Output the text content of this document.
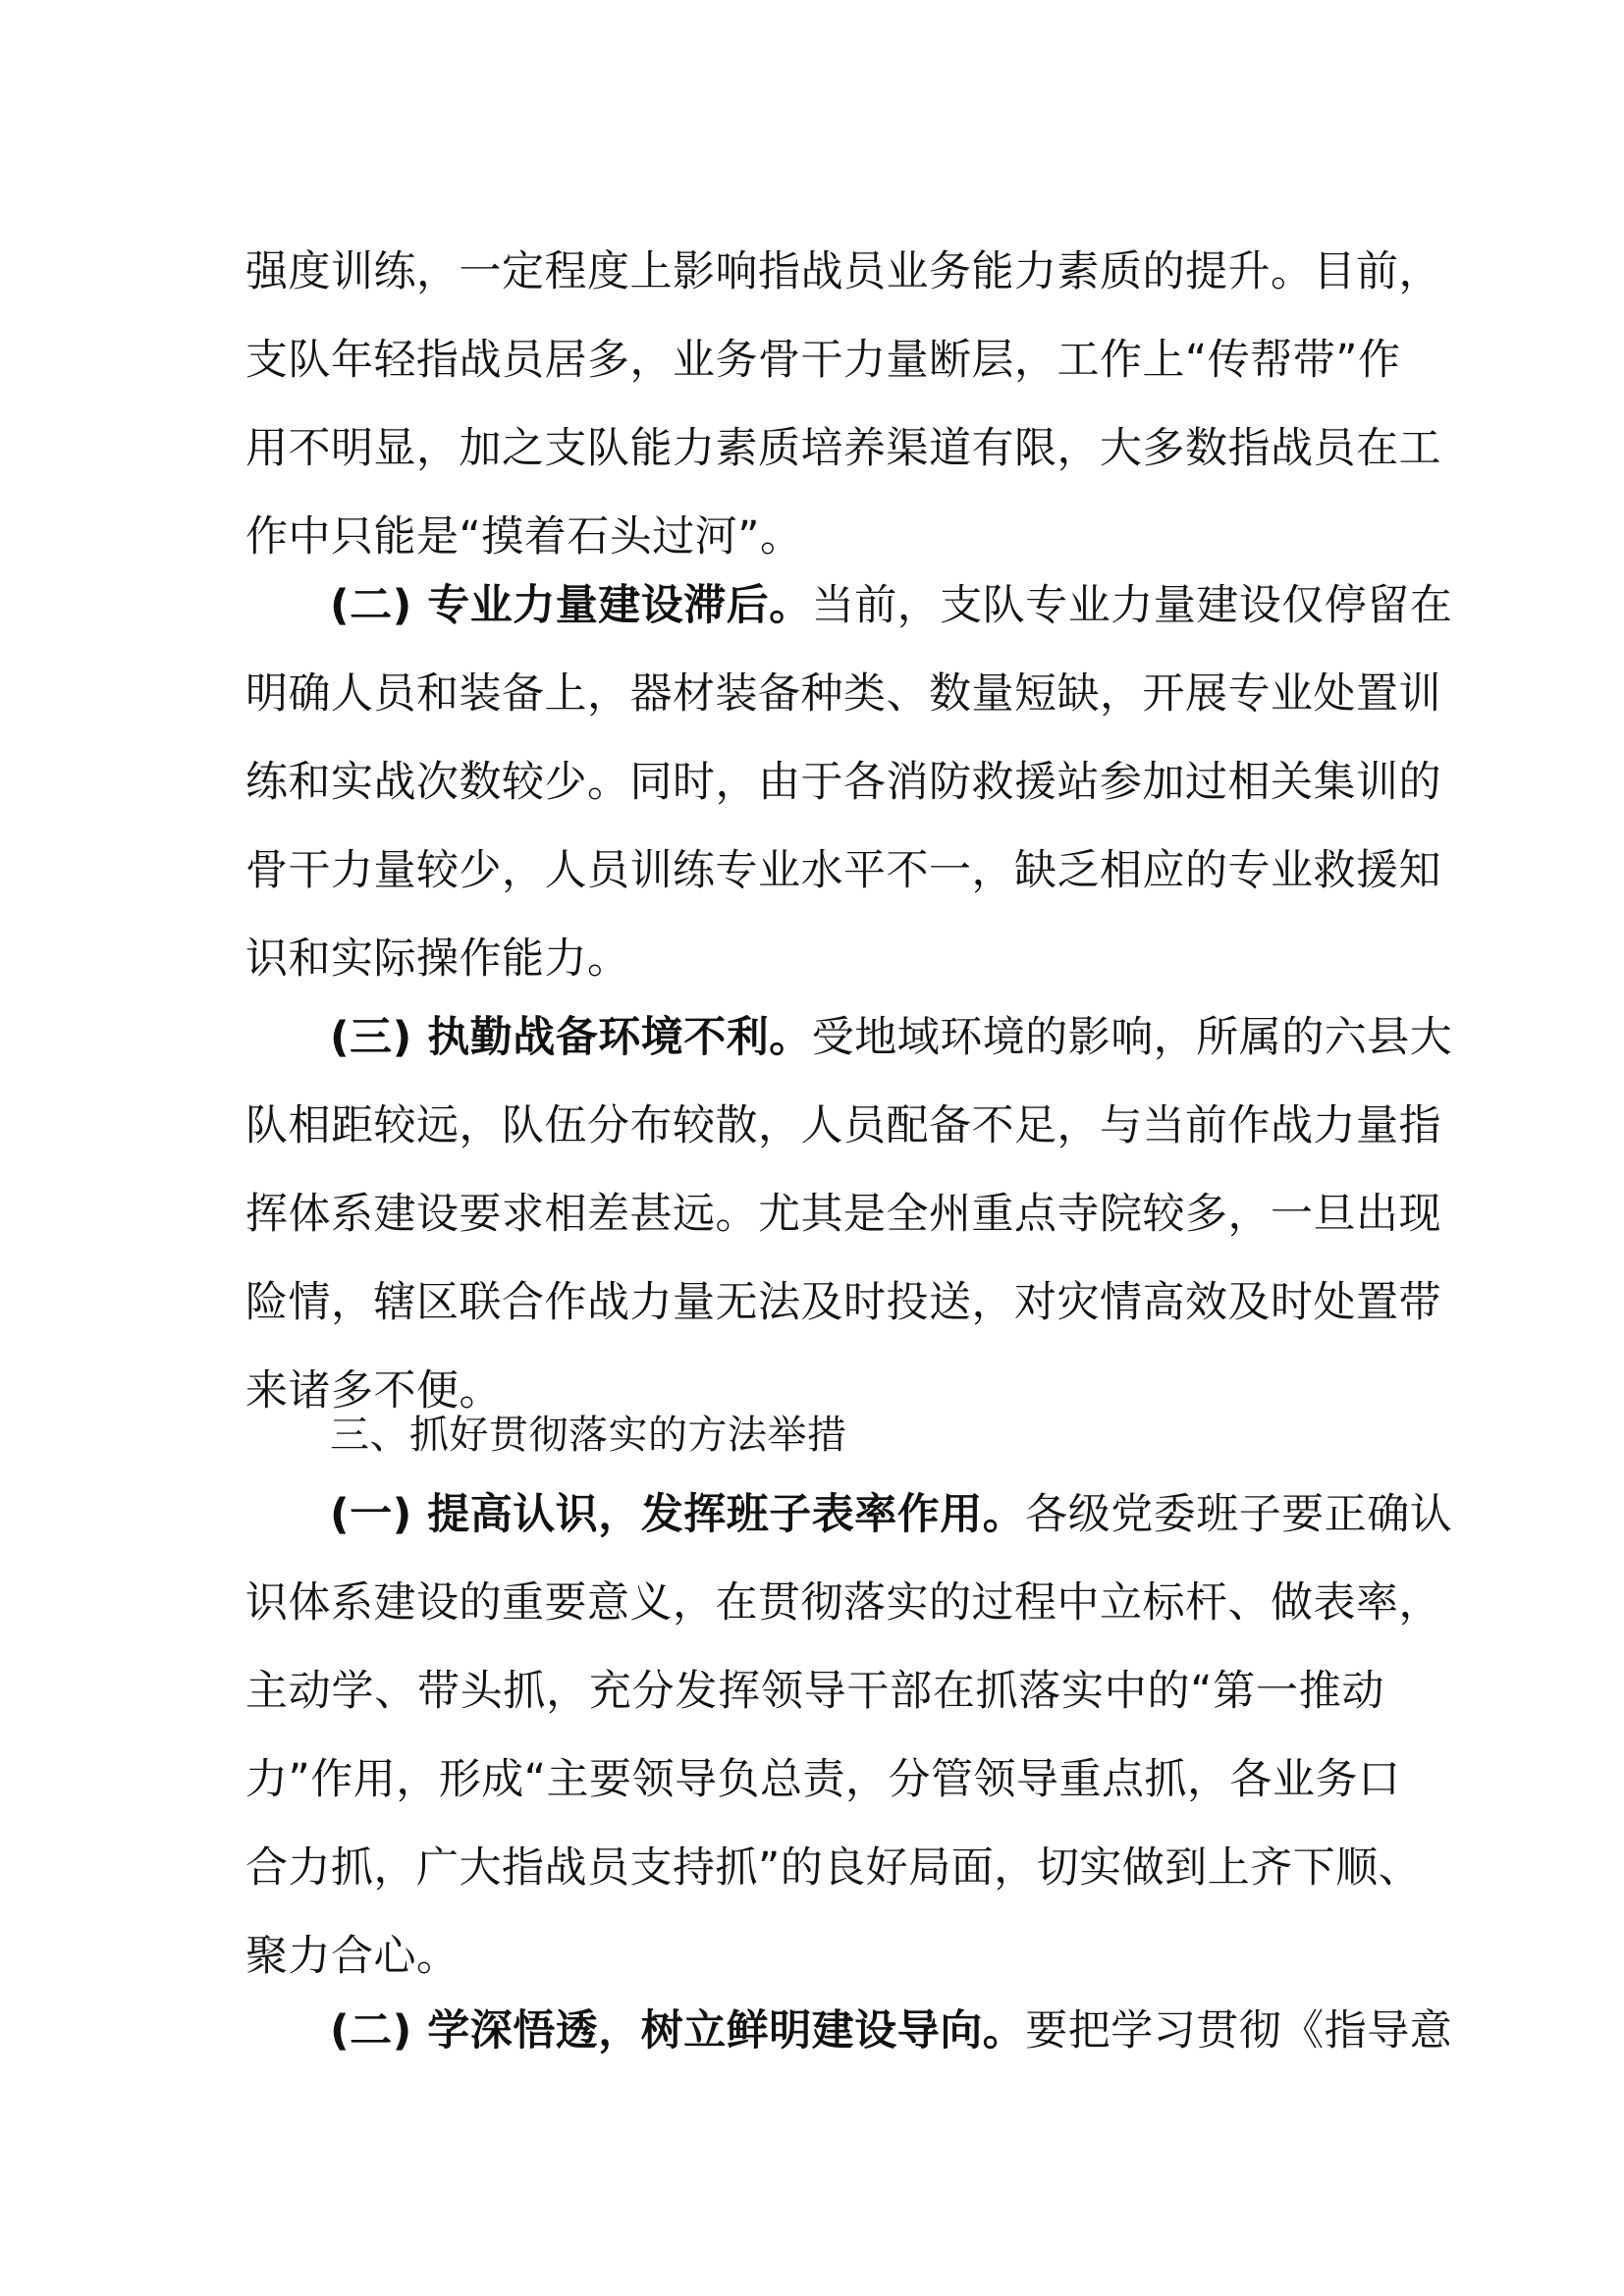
强度训练，一定程度上影响指战员业务能力素质的提升。目前，
支队年轻指战员居多，业务骨干力量断层，工作上“传帮带”作
用不明显，加之支队能力素质培养渠道有限，大多数指战员在工
作中只能是“摸着石头过河”。
(二) 专业力量建设滞后。当前，支队专业力量建设仅停留在
明确人员和装备上，器材装备种类、数量短缺，开展专业处置训
练和实战次数较少。同时，由于各消防救援站参加过相关集训的
骨干力量较少，人员训练专业水平不一，缺乏相应的专业救援知
识和实际操作能力。
(三) 执勤战备环境不利。受地域环境的影响，所属的六县大
队相距较远，队伍分布较散，人员配备不足，与当前作战力量指
挥体系建设要求相差甚远。尤其是全州重点寺院较多，一旦出现
险情，辖区联合作战力量无法及时投送，对灾情高效及时处置带
来诸多不便。
三、抓好贯彻落实的方法举措
(一) 提高认识，发挥班子表率作用。各级党委班子要正确认
识体系建设的重要意义，在贯彻落实的过程中立标杆、做表率，
主动学、带头抓，充分发挥领导干部在抓落实中的“第一推动
力”作用，形成“主要领导负总责，分管领导重点抓，各业务口
合力抓，广大指战员支持抓”的良好局面，切实做到上齐下顺、
聚力合心。
(二) 学深悟透，树立鲜明建设导向。要把学习贯彻《指导意
